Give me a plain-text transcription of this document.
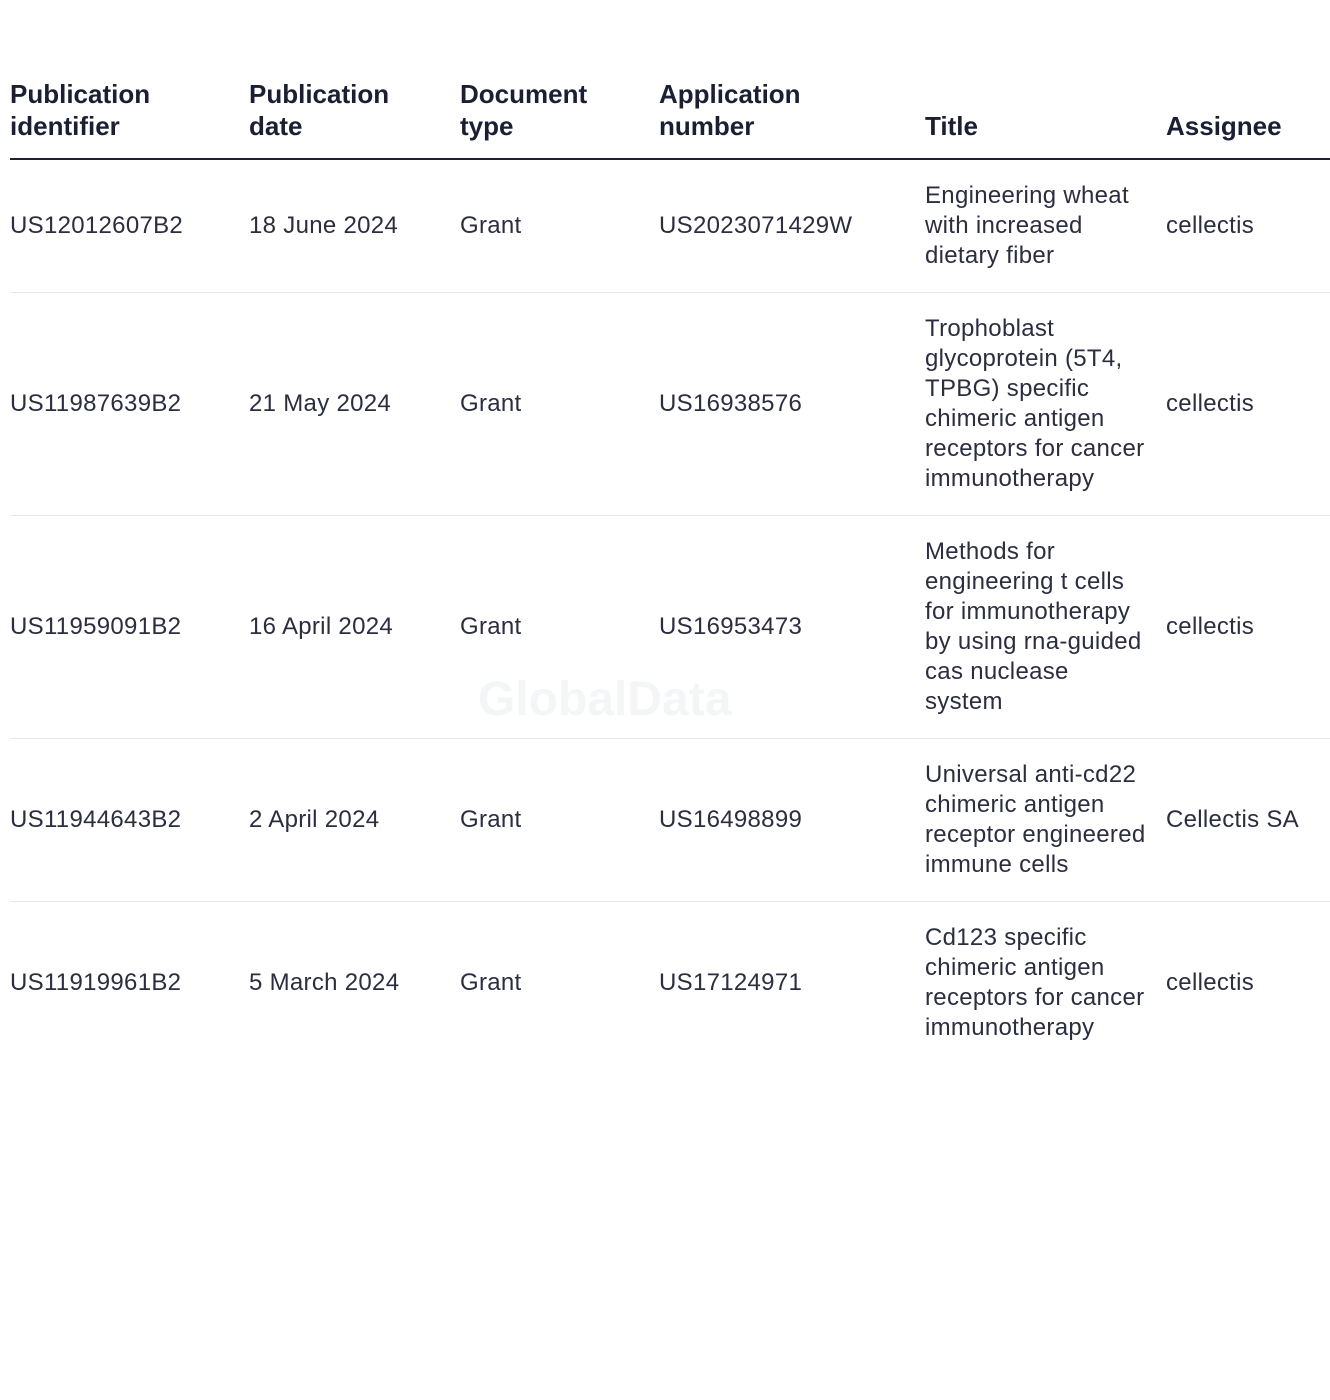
Publication identifier	Publication date	Document type	Application number	Title	Assignee
US12012607B2	18 June 2024	Grant	US2023071429W	Engineering wheat with increased dietary fiber	cellectis
US11987639B2	21 May 2024	Grant	US16938576	Trophoblast glycoprotein (5T4, TPBG) specific chimeric antigen receptors for cancer immunotherapy	cellectis
US11959091B2	16 April 2024	Grant	US16953473	Methods for engineering t cells for immunotherapy by using rna-guided cas nuclease system	cellectis
US11944643B2	2 April 2024	Grant	US16498899	Universal anti-cd22 chimeric antigen receptor engineered immune cells	Cellectis SA
US11919961B2	5 March 2024	Grant	US17124971	Cd123 specific chimeric antigen receptors for cancer immunotherapy	cellectis
GlobalData
